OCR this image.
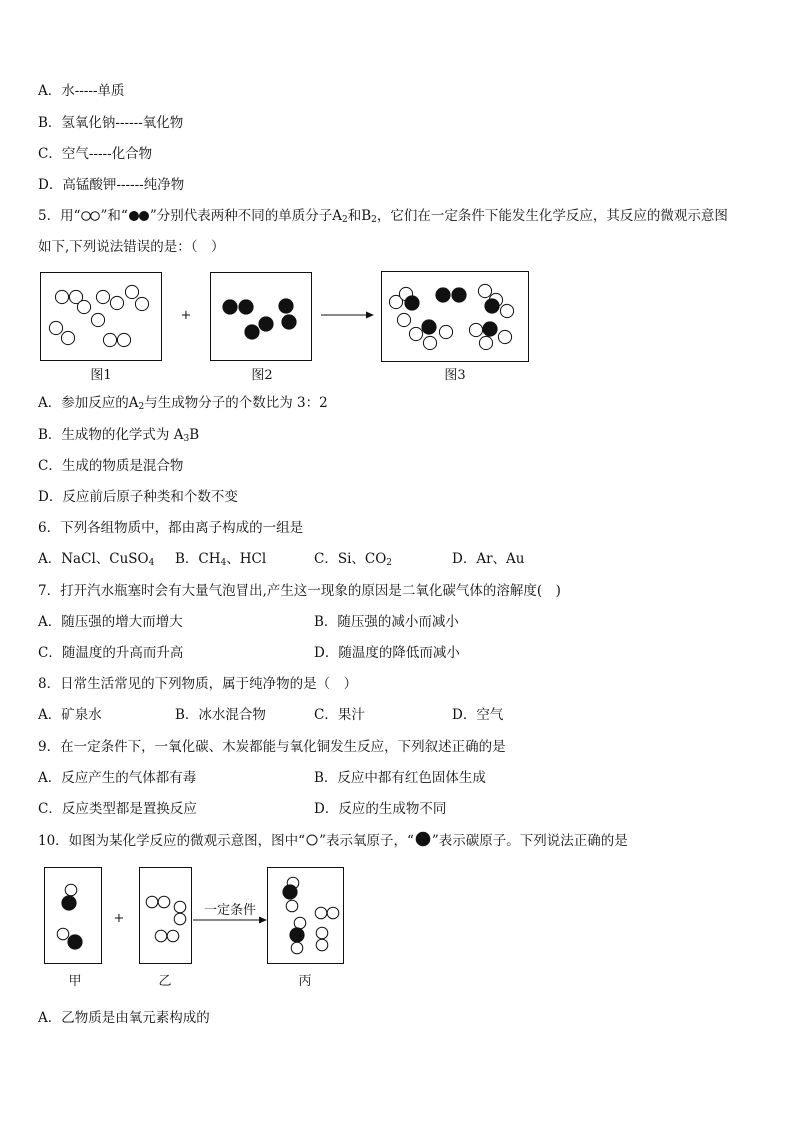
A．水-----单质
B．氢氧化钠------氧化物
C．空气-----化合物
D．高锰酸钾------纯净物
5．用“ ”和“ ”分别代表两种不同的单质分子$A_2$和$B_2$，它们在一定条件下能发生化学反应，其反应的微观示意图
如下,下列说法错误的是：（　）
+
图1	图2	图3
A．参加反应的$A_2$与生成物分子的个数比为 3：2
B．生成物的化学式为 $A_3B$
C．生成的物质是混合物
D．反应前后原子种类和个数不变
6．下列各组物质中，都由离子构成的一组是
A．NaCl、CuSO$_4$ B．$CH_4$、HCl	C．Si、$CO_2$	D．Ar、Au
7．打开汽水瓶塞时会有大量气泡冒出,产生这一现象的原因是二氧化碳气体的溶解度(　)
A．随压强的增大而增大	B．随压强的减小而减小
C．随温度的升高而升高	D．随温度的降低而减小
8．日常生活常见的下列物质，属于纯净物的是（　）
A．矿泉水	B．冰水混合物	C．果汁	D．空气
9．在一定条件下，一氧化碳、木炭都能与氧化铜发生反应，下列叙述正确的是
A．反应产生的气体都有毒	B．反应中都有红色固体生成
C．反应类型都是置换反应	D．反应的生成物不同
10．如图为某化学反应的微观示意图，图中“ ”表示氧原子，“ ”表示碳原子。下列说法正确的是
+
一定条件
甲	乙	丙
A．乙物质是由氧元素构成的
